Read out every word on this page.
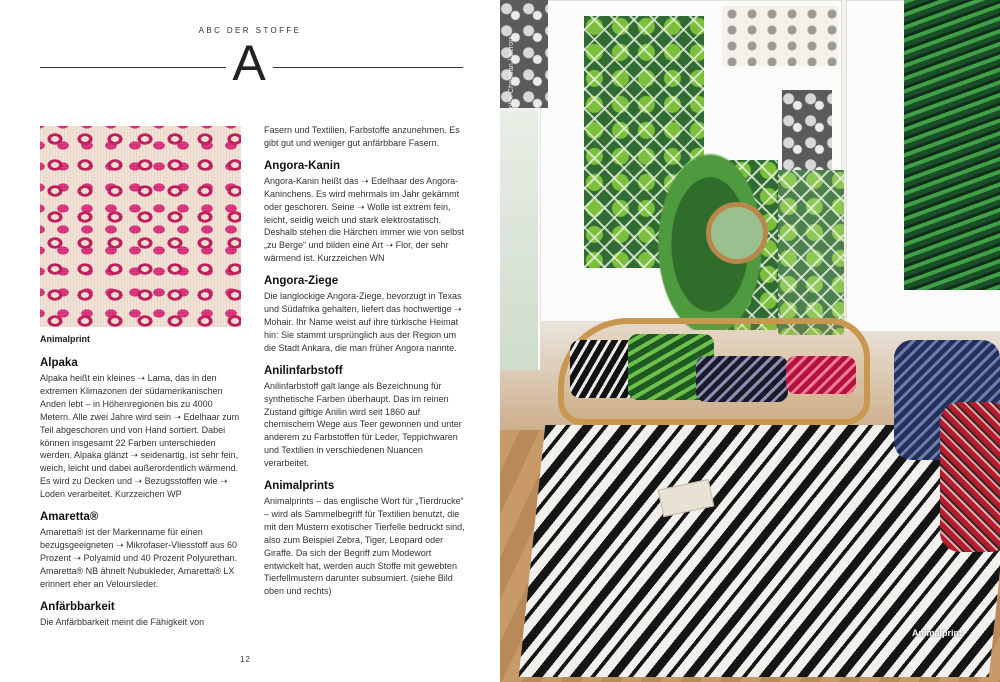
ABC DER STOFFE
A
Animalprint
Alpaka

Alpaka heißt ein kleines ➝ Lama, das in den extremen Klimazonen der südamerikanischen Anden lebt – in Höhenregionen bis zu 4000 Metern. Alle zwei Jahre wird sein ➝ Edelhaar zum Teil abgeschoren und von Hand sortiert. Dabei können insgesamt 22 Farben unterschieden werden. Alpaka glänzt ➝ seidenartig, ist sehr fein, weich, leicht und dabei außerordentlich wärmend. Es wird zu Decken und ➝ Bezugsstoffen wie ➝ Loden verarbeitet. Kurzzeichen WP

Amaretta®

Amaretta® ist der Markenname für einen bezugsgeeigneten ➝ Mikrofaser-Vliesstoff aus 60 Prozent ➝ Polyamid und 40 Prozent Polyurethan. Amaretta® NB ähnelt Nubukleder, Amaretta® LX erinnert eher an Veloursleder.

Anfärbbarkeit

Die Anfärbbarkeit meint die Fähigkeit von

Fasern und Textilien, Farbstoffe anzunehmen. Es gibt gut und weniger gut anfärbbare Fasern.

Angora-Kanin

Angora-Kanin heißt das ➝ Edelhaar des Angora-Kaninchens. Es wird mehrmals im Jahr gekämmt oder geschoren. Seine ➝ Wolle ist extrem fein, leicht, seidig weich und stark elektrostatisch. Deshalb stehen die Härchen immer wie von selbst „zu Berge“ und bilden eine Art ➝ Flor, der sehr wärmend ist. Kurzzeichen WN

Angora-Ziege

Die langlockige Angora-Ziege, bevorzugt in Texas und Südafrika gehalten, liefert das hochwertige ➝ Mohair. Ihr Name weist auf ihre türkische Heimat hin: Sie stammt ursprünglich aus der Region um die Stadt Ankara, die man früher Angora nannte.

Anilinfarbstoff

Anilinfarbstoff galt lange als Bezeichnung für synthetische Farben überhaupt. Das im reinen Zustand giftige Anilin wird seit 1860 auf chemischem Wege aus Teer gewonnen und unter anderem zu Farbstoffen für Leder, Teppichwaren und Textilien in verschiedenen Nuancen verarbeitet.

Animalprints

Animalprints – das englische Wort für „Tierdrucke“ – wird als Sammelbegriff für Textilien benutzt, die mit den Mustern exotischer Tierfelle bedruckt sind, also zum Beispiel Zebra, Tiger, Leopard oder Giraffe. Da sich der Begriff zum Modewort entwickelt hat, werden auch Stoffe mit gewebten Tierfellmustern darunter subsumiert. (siehe Bild oben und rechts)

12
Foto: Christian Lacroix
Animalprint
